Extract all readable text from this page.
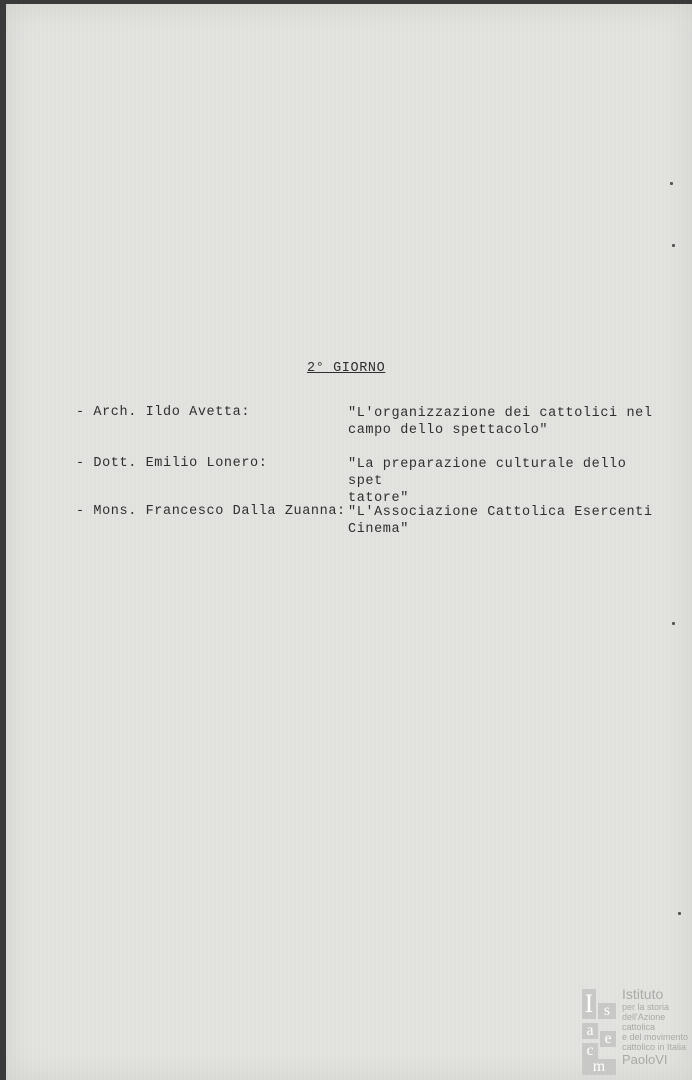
2° GIORNO
- Arch. Ildo Avetta:	"L'organizzazione dei cattolici nel
campo dello spettacolo"
- Dott. Emilio Lonero:	"La preparazione culturale dello spet
tatore"
- Mons. Francesco Dalla Zuanna: "L'Associazione Cattolica Esercenti
Cinema"
I s
a e
c
m
Istituto
per la storia
dell'Azione cattolica
e del movimento
cattolico in Italia
PaoloVI
